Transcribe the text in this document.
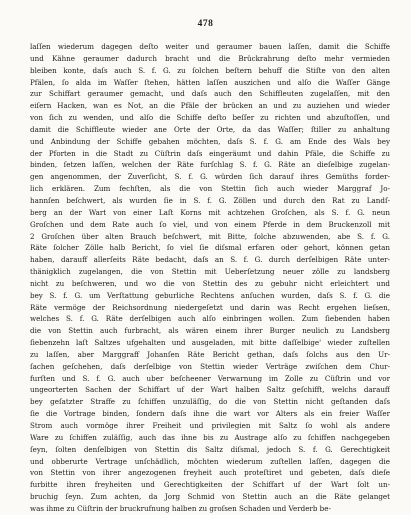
478
laſſen wiederum dagegen deſto weiter und geraumer bauen laſſen, damit die Schiffe
und Kähne geraumer dadurch bracht und die Brückrahrung deſto mehr vermieden
bleiben konte, daſs auch S. f. G. zu ſolchen beſtern behuff die Stiſte von den alten
Pfälen, ſo alda im Waſſer ſtehen, hätten laſſen auszichen und alſo die Waſſer Gänge
zur Schiffart geraumer gemacht, und daſs auch den Schiffleuten zugelaſſen, mit den
eiſern Hacken, wan es Not, an die Pfäle der brücken an und zu auziehen und wieder
von ſich zu wenden, und alſo die Schiffe deſto beſſer zu richten und abzuſtoſſen, und
damit die Schiffleute wieder ane Orte der Orte, da das Waſſer; ſtiller zu anhaltung
und Anbindung der Schiffe gebahen möchten, daſs S. f. G. am Ende des Wals bey
der Pforten in die Stadt zu Cüſtrin daſs eingeräumt und dahin Pfäle, die Schiffe zu
binden, ſetzen laſſen, welchen der Räte furſchlag S. f. G. Räte an dieſelbige zugelan-
gen angenommen, der Zuverſicht, S. f. G. würden ſich darauf ihres Gemüths forder-
lich erklären. Zum fechſten, als die von Stettin ſich auch wieder Marggraf Jo-
hannſen beſchwert, als wurden ſie in S. f. G. Zöllen und durch den Rat zu Landſ-
berg an der Wart von einer Laſt Korns mit achtzehen Groſchen, als S. f. G. neun
Groſchen und dem Rate auch ſo viel, und von einem Pferde in dem Bruckenzoll mit
2 Groſchen über alten Brauch beſchwert, mit Bitte, ſolche abzuwenden, abe S. f. G.
Räte ſolcher Zölle halb Bericht, ſo viel ſie diſsmal erfaren oder gehort, können getan
haben, darauff allerſeits Räte bedacht, daſs an S. f. G. durch derſelbigen Räte unter-
thänigklich zugelangen, die von Stettin mit Ueberſetzung neuer zölle zu landsberg
nicht zu beſchweren, und wo die von Stettin des zu gebuhr nicht erleichtert und
bey S. f. G. um Verſtattung geburliche Rechtens anſuchen wurden, daſs S. f. G. die
Räte vermöge der Reichsordnung niedergeſetzt und darin was Recht ergehen lieſsen,
welches S. f. G. Räte derſelbigen auch alſo einbringen wollen. Zum ſiebenden haben
die von Stettin auch furbracht, als wären einem ihrer Burger neulich zu Landsberg
ſiebenzehn laſt Saltzes ufgehalten und ausgeladen, mit bitte daſſelbige' wieder zuſtellen
zu laſſen, aber Marggraff Johanſen Räte Bericht gethan, daſs ſolchs aus den Ur-
ſachen geſchehen, daſs derſelbige von Stettin wieder Verträge zwiſchen dem Chur-
furſten und S. f. G. auch uber beſcheener Verwarnung im Zolle zu Cüſtrin und vor
ungeorterten Sachen der Schiffart uf der Wart halben Saltz geſchifft, welchs darauff
bey geſatzter Straffe zu ſchiffen unzuläſſig, do die von Stettin nicht geſtanden daſs
ſie die Vortrage binden, ſondern daſs ihne die wart vor Alters als ein freier Waſſer
Strom auch vormöge ihrer Freiheit und privilegien mit Saltz ſo wohl als andere
Ware zu ſchiffen zuläſſig, auch das ihne bis zu Austrage alſo zu ſchiffen nachgegeben
ſeyn, ſolten denſelbigen von Stettin dis Saltz diſsmal, jedoch S. f. G. Gerechtigkeit
und obberurte Vertrage unſchädlich, möchten wiederum zuſtellen laſſen, dagegen die
von Stettin von ihrer angezogenen freyheit auch proteſtiret und gebeten, daſs dieſe
furbitte ihren freyheiten und Gerechtigkeiten der Schiffart uf der Wart ſolt un-
bruchig ſeyn. Zum achten, da Jorg Schmid von Stettin auch an die Räte gelanget
was ihme zu Cüſtrin der bruckrufnung halben zu groſsen Schaden und Verderb be-
